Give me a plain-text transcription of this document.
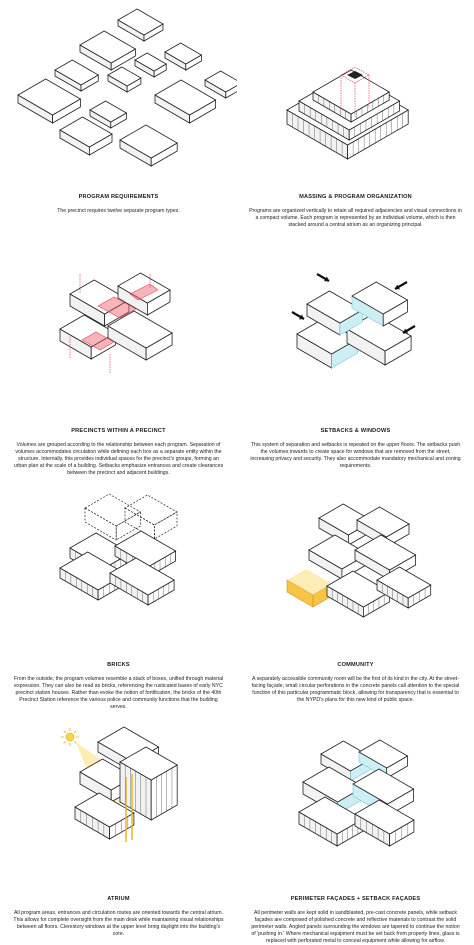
PROGRAM REQUIREMENTS
The precinct requires twelve separate program types.
MASSING & PROGRAM ORGANIZATION
Programs are organized vertically to retain all required adjacencies and visual connections in a compact volume. Each program is represented by an individual volume, which is then stacked around a central atrium as an organizing principal.
PRECINCTS WITHIN A PRECINCT
Volumes are grouped according to the relationship between each program. Separation of volumes accommodates circulation while defining each box as a separate entity within the structure. Internally, this provides individual spaces for the precinct's groups, forming an urban plan at the scale of a building. Setbacks emphasize entrances and create clearances between the precinct and adjacent buildings.
SETBACKS & WINDOWS
This system of separation and setbacks is repeated on the upper floors. The setbacks push the volumes inwards to create space for windows that are removed from the street, increasing privacy and security. They also accommodate mandatory mechanical and zoning requirements.
BRICKS
From the outside, the program volumes resemble a stack of boxes, unified through material expression. They can also be read as bricks, referencing the rusticated bases of early NYC precinct station houses. Rather than evoke the notion of fortification, the bricks of the 40th Precinct Station reference the various police and community functions that the building serves.
COMMUNITY
A separately accessible community room will be the first of its kind in the city. At the street-facing façade, small circular perforations in the concrete panels call attention to the special function of this particular programmatic block, allowing for transparency that is essential to the NYPD's plans for this new kind of public space.
ATRIUM
All program areas, entrances and circulation routes are oriented towards the central atrium. This allows for complete oversight from the main desk while maintaining visual relationships between all floors. Clerestory windows at the upper level bring daylight into the building's core.
PERIMETER FAÇADES + SETBACK FAÇADES
All perimeter walls are kept solid in sandblasted, pre-cast concrete panels, while setback façades are composed of polished concrete and reflective materials to contrast the solid perimeter walls. Angled panels surrounding the windows are tapered to continue the notion of 'pushing in.' Where mechanical equipment must be set back from property lines, glass is replaced with perforated metal to conceal equipment while allowing for airflow.
